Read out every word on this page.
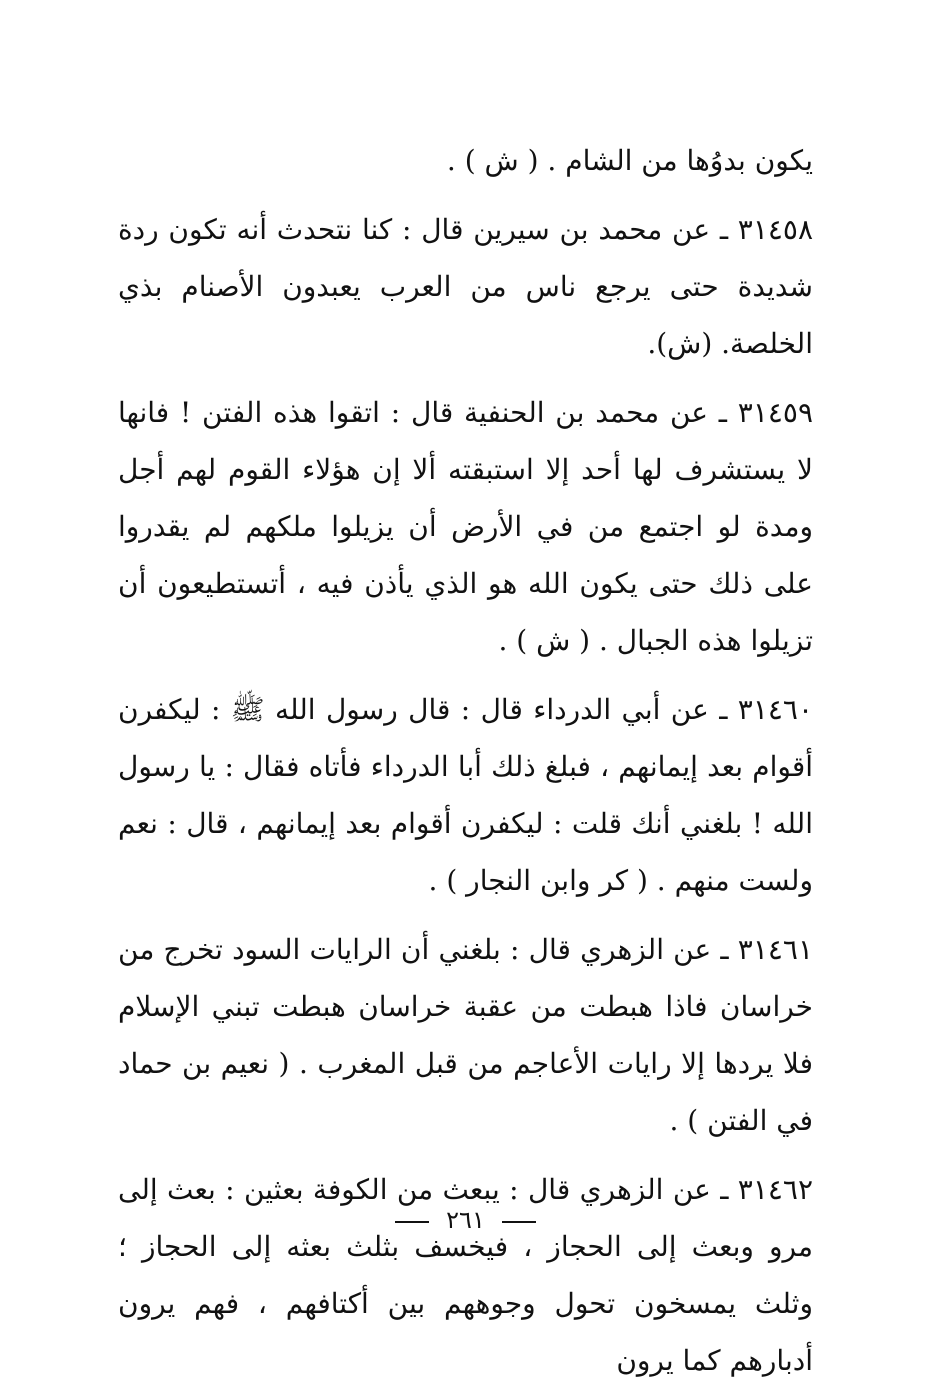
يكون بدوُها من الشام . ( ش ) .

٣١٤٥٨ ـ عن محمد بن سيرين قال : كنا نتحدث أنه تكون ردة شديدة حتى يرجع ناس من العرب يعبدون الأصنام بذي الخلصة. (ش).

٣١٤٥٩ ـ عن محمد بن الحنفية قال : اتقوا هذه الفتن ! فانها لا يستشرف لها أحد إلا استبقته ألا إن هؤلاء القوم لهم أجل ومدة لو اجتمع من في الأرض أن يزيلوا ملكهم لم يقدروا على ذلك حتى يكون الله هو الذي يأذن فيه ، أتستطيعون أن تزيلوا هذه الجبال . ( ش ) .

٣١٤٦٠ ـ عن أبي الدرداء قال : قال رسول الله ﷺ : ليكفرن أقوام بعد إيمانهم ، فبلغ ذلك أبا الدرداء فأتاه فقال : يا رسول الله ! بلغني أنك قلت : ليكفرن أقوام بعد إيمانهم ، قال : نعم ولست منهم . ( كر وابن النجار ) .

٣١٤٦١ ـ عن الزهري قال : بلغني أن الرايات السود تخرج من خراسان فاذا هبطت من عقبة خراسان هبطت تبني الإسلام فلا يردها إلا رايات الأعاجم من قبل المغرب . ( نعيم بن حماد في الفتن ) .

٣١٤٦٢ ـ عن الزهري قال : يبعث من الكوفة بعثين : بعث إلى مرو وبعث إلى الحجاز ، فيخسف بثلث بعثه إلى الحجاز ؛ وثلث يمسخون تحول وجوههم بين أكتافهم ، فهم يرون أدبارهم كما يرون

٢٦١
